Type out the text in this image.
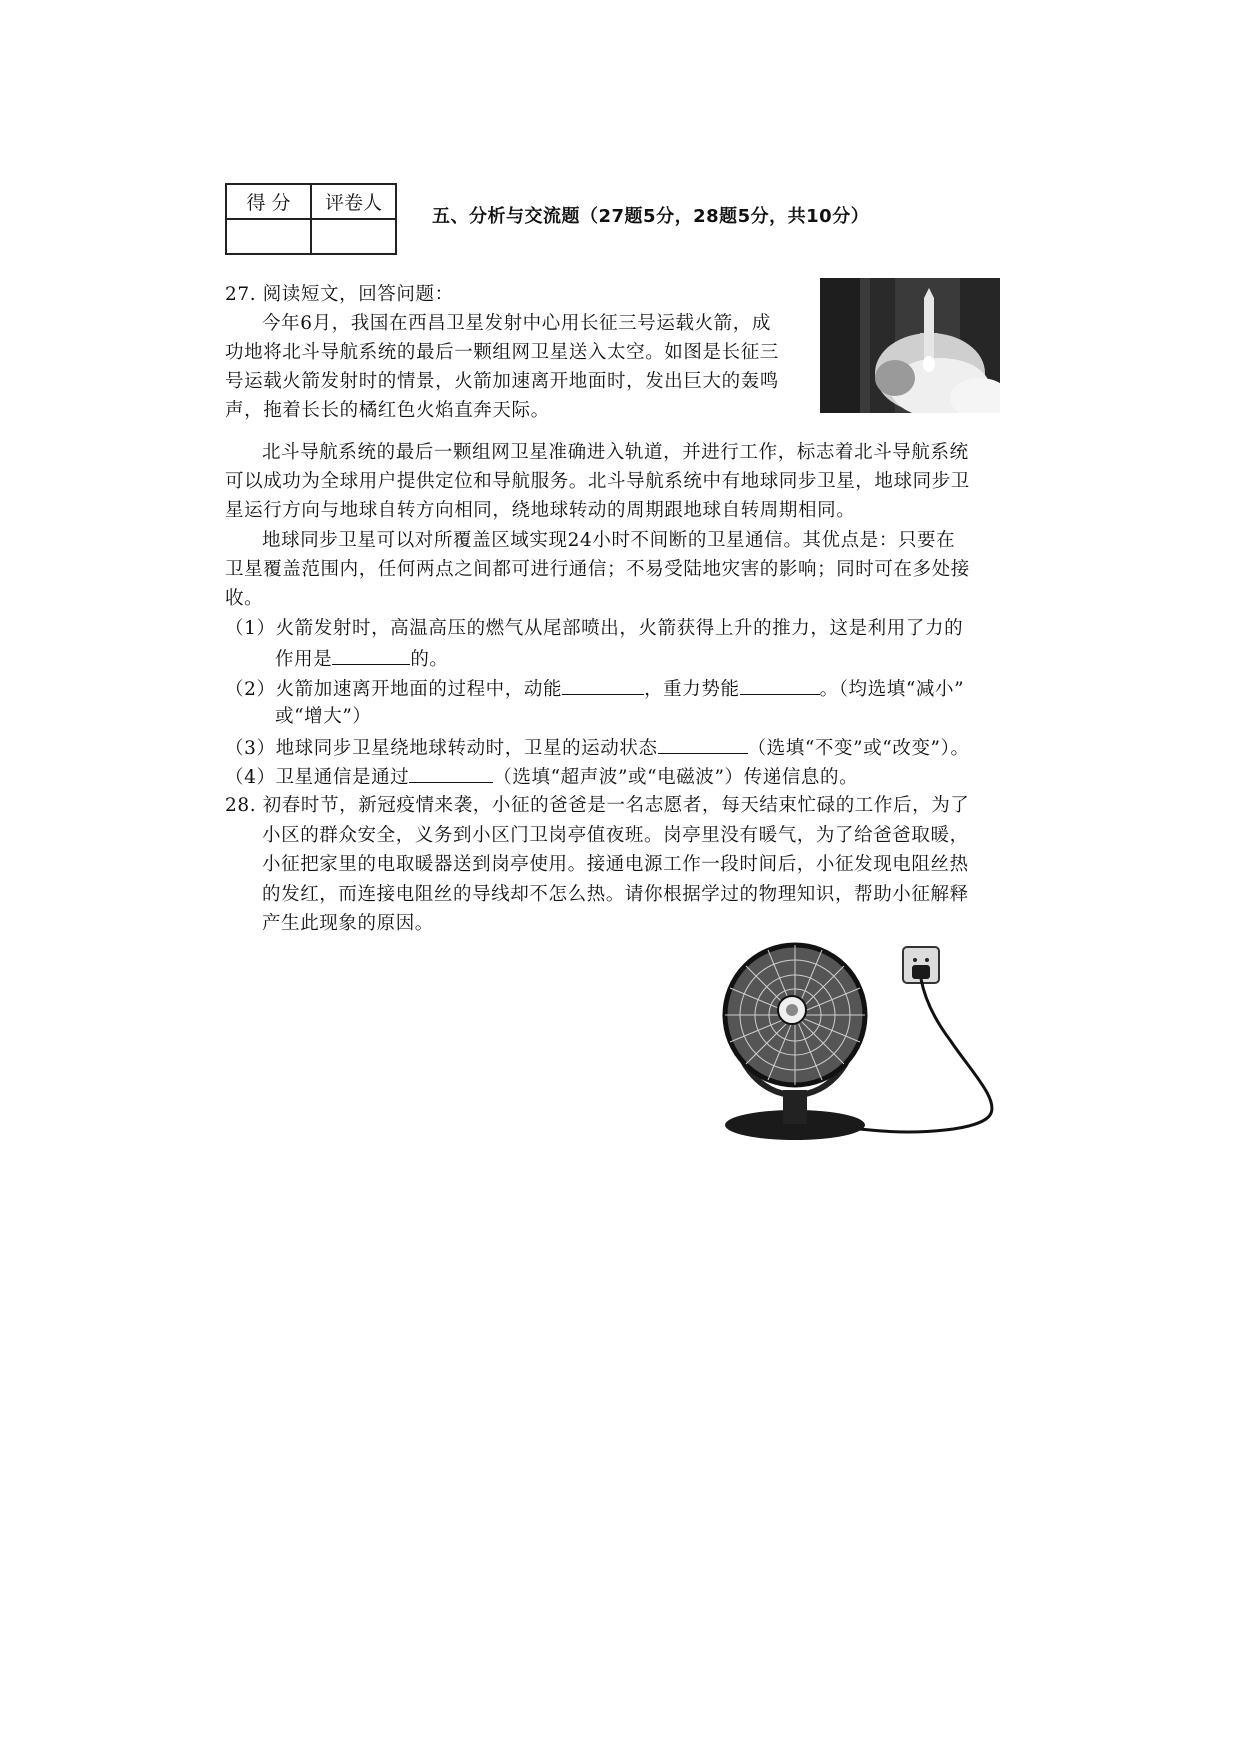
得 分	评卷人

五、分析与交流题（27题5分，28题5分，共10分）
27. 阅读短文，回答问题：
今年6月，我国在西昌卫星发射中心用长征三号运载火箭，成
功地将北斗导航系统的最后一颗组网卫星送入太空。如图是长征三
号运载火箭发射时的情景，火箭加速离开地面时，发出巨大的轰鸣
声，拖着长长的橘红色火焰直奔天际。
北斗导航系统的最后一颗组网卫星准确进入轨道，并进行工作，标志着北斗导航系统
可以成功为全球用户提供定位和导航服务。北斗导航系统中有地球同步卫星，地球同步卫
星运行方向与地球自转方向相同，绕地球转动的周期跟地球自转周期相同。
地球同步卫星可以对所覆盖区域实现24小时不间断的卫星通信。其优点是：只要在
卫星覆盖范围内，任何两点之间都可进行通信；不易受陆地灾害的影响；同时可在多处接
收。
（1）火箭发射时，高温高压的燃气从尾部喷出，火箭获得上升的推力，这是利用了力的
作用是	的。
（2）火箭加速离开地面的过程中，动能	，重力势能	。（均选填“减小”
或“增大”）
（3）地球同步卫星绕地球转动时，卫星的运动状态	（选填“不变”或“改变”）。
（4）卫星通信是通过	（选填“超声波”或“电磁波”）传递信息的。
28. 初春时节，新冠疫情来袭，小征的爸爸是一名志愿者，每天结束忙碌的工作后，为了
小区的群众安全，义务到小区门卫岗亭值夜班。岗亭里没有暖气，为了给爸爸取暖，
小征把家里的电取暖器送到岗亭使用。接通电源工作一段时间后，小征发现电阻丝热
的发红，而连接电阻丝的导线却不怎么热。请你根据学过的物理知识，帮助小征解释
产生此现象的原因。
